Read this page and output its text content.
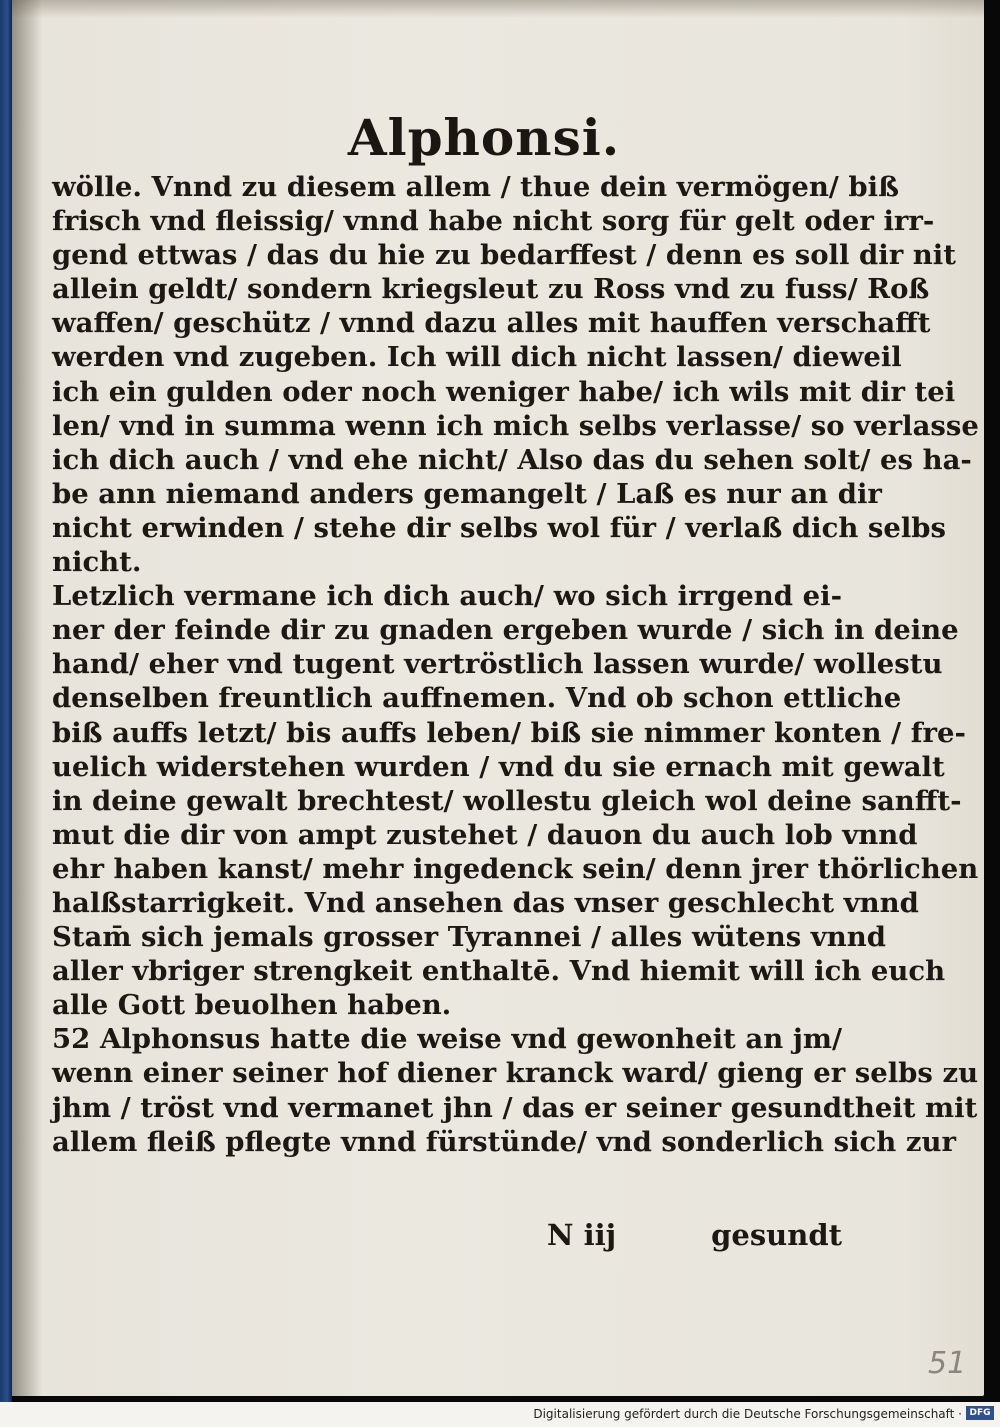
Alphonsi.
wölle. Vnnd zu diesem allem / thue dein vermögen/ biß
frisch vnd fleissig/ vnnd habe nicht sorg für gelt oder irr-
gend ettwas / das du hie zu bedarffest / denn es soll dir nit
allein geldt/ sondern kriegsleut zu Ross vnd zu fuss/ Roß
waffen/ geschütz / vnnd dazu alles mit hauffen verschafft
werden vnd zugeben. Ich will dich nicht lassen/ dieweil
ich ein gulden oder noch weniger habe/ ich wils mit dir tei
len/ vnd in summa wenn ich mich selbs verlasse/ so verlasse
ich dich auch / vnd ehe nicht/ Also das du sehen solt/ es ha-
be ann niemand anders gemangelt / Laß es nur an dir
nicht erwinden / stehe dir selbs wol für / verlaß dich selbs
nicht.
Letzlich vermane ich dich auch/ wo sich irrgend ei-
ner der feinde dir zu gnaden ergeben wurde / sich in deine
hand/ eher vnd tugent vertröstlich lassen wurde/ wollestu
denselben freuntlich auffnemen. Vnd ob schon ettliche
biß auffs letzt/ bis auffs leben/ biß sie nimmer konten / fre-
uelich widerstehen wurden / vnd du sie ernach mit gewalt
in deine gewalt brechtest/ wollestu gleich wol deine sanfft-
mut die dir von ampt zustehet / dauon du auch lob vnnd
ehr haben kanst/ mehr ingedenck sein/ denn jrer thörlichen
halßstarrigkeit. Vnd ansehen das vnser geschlecht vnnd
Stam̄ sich jemals grosser Tyrannei / alles wütens vnnd
aller vbriger strengkeit enthaltē. Vnd hiemit will ich euch
alle Gott beuolhen haben.
52 Alphonsus hatte die weise vnd gewonheit an jm/
wenn einer seiner hof diener kranck ward/ gieng er selbs zu
jhm / tröst vnd vermanet jhn / das er seiner gesundtheit mit
allem fleiß pflegte vnnd fürstünde/ vnd sonderlich sich zur
N iij	gesundt
51
Digitalisierung gefördert durch die Deutsche Forschungsgemeinschaft · DFG
